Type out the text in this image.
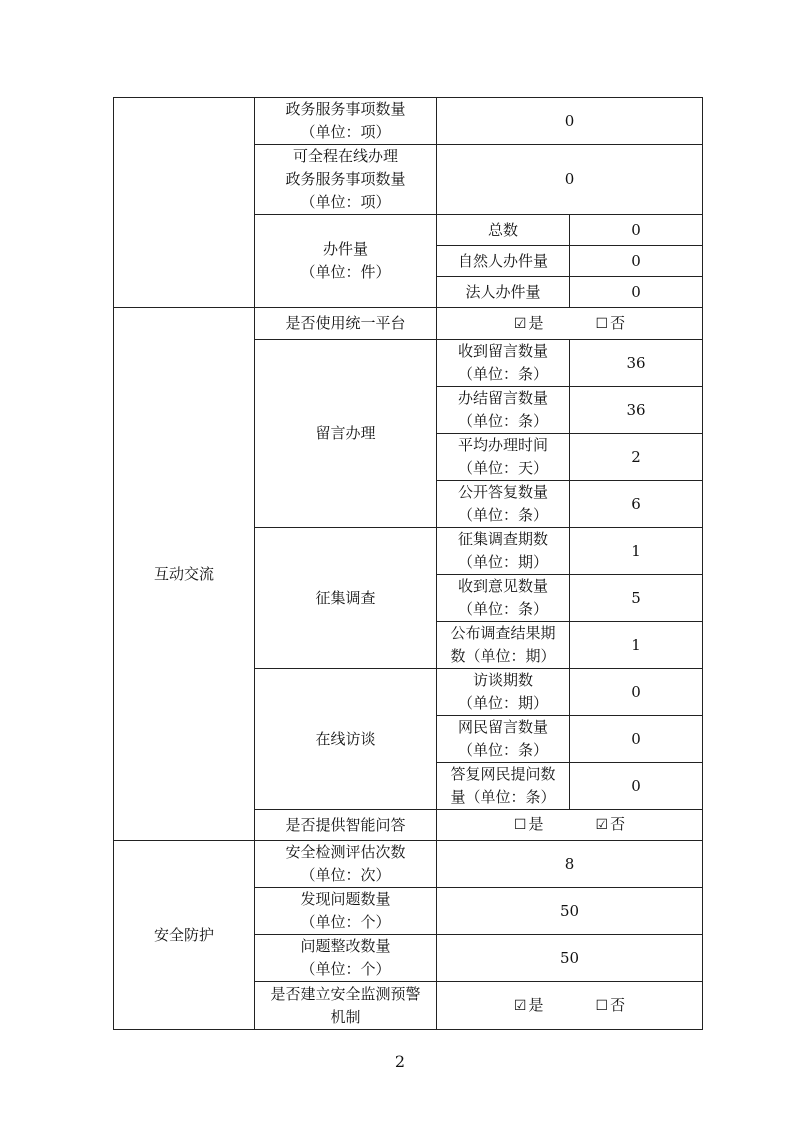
	政务服务事项数量
（单位：项）	0	

	可全程在线办理
政务服务事项数量
（单位：项）	0	

	办件量
（单位：件）	总数	0
		自然人办件量	0
		法人办件量	0
互动交流	是否使用统一平台	☑ 是 ☐ 否	
	留言办理	收到留言数量
（单位：条）	36

		办结留言数量
（单位：条）	36

		平均办理时间
（单位：天）	2

		公开答复数量
（单位：条）	6
	征集调查	征集调查期数
（单位：期）	1

		收到意见数量
（单位：条）	5

		公布调查结果期
数（单位：期）	1
	在线访谈	访谈期数
（单位：期）	0

		网民留言数量
（单位：条）	0

		答复网民提问数
量（单位：条）	0
	是否提供智能问答	☐ 是 ☑ 否	
安全防护	安全检测评估次数
（单位：次）	8	

	发现问题数量
（单位：个）	50	

	问题整改数量
（单位：个）	50	

	是否建立安全监测预警
机制	☑ 是 ☐ 否	
2
